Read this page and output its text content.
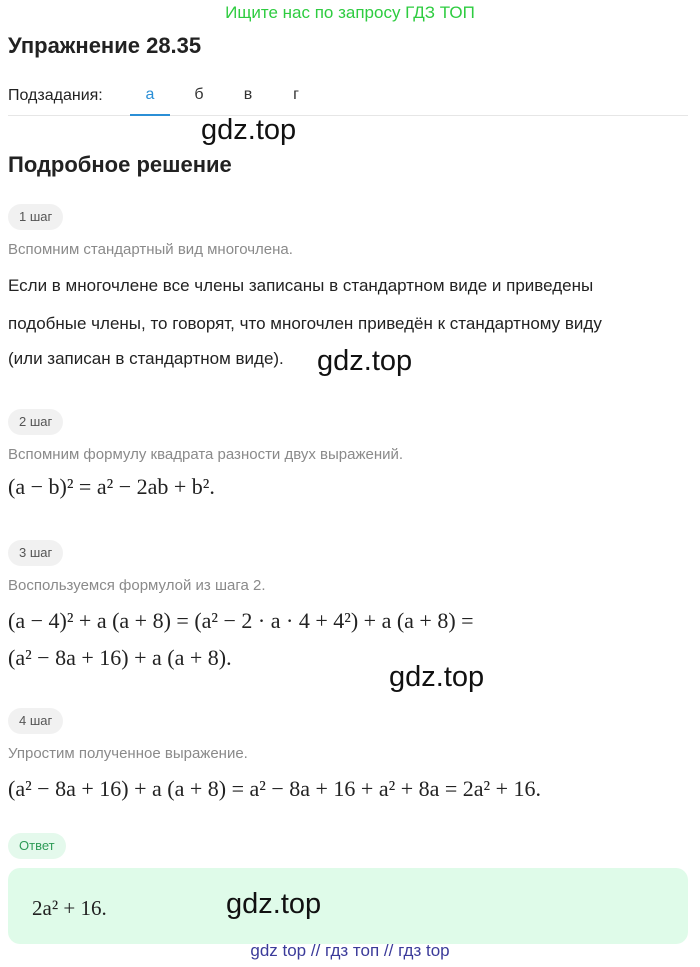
Ищите нас по запросу ГДЗ ТОП
Упражнение 28.35
Подзадания:	а	б	в	г
gdz.top
Подробное решение
1 шаг
Вспомним стандартный вид многочлена.
Если в многочлене все члены записаны в стандартном виде и приведены
подобные члены, то говорят, что многочлен приведён к стандартному виду
(или записан в стандартном виде).	gdz.top
2 шаг
Вспомним формулу квадрата разности двух выражений.
(a − b)² = a² − 2ab + b².
3 шаг
Воспользуемся формулой из шага 2.
(a − 4)² + a (a + 8) = (a² − 2 · a · 4 + 4²) + a (a + 8) =
(a² − 8a + 16) + a (a + 8).
gdz.top
4 шаг
Упростим полученное выражение.
(a² − 8a + 16) + a (a + 8) = a² − 8a + 16 + a² + 8a = 2a² + 16.
Ответ
2a² + 16.	gdz.top
gdz top // гдз топ // гдз top
